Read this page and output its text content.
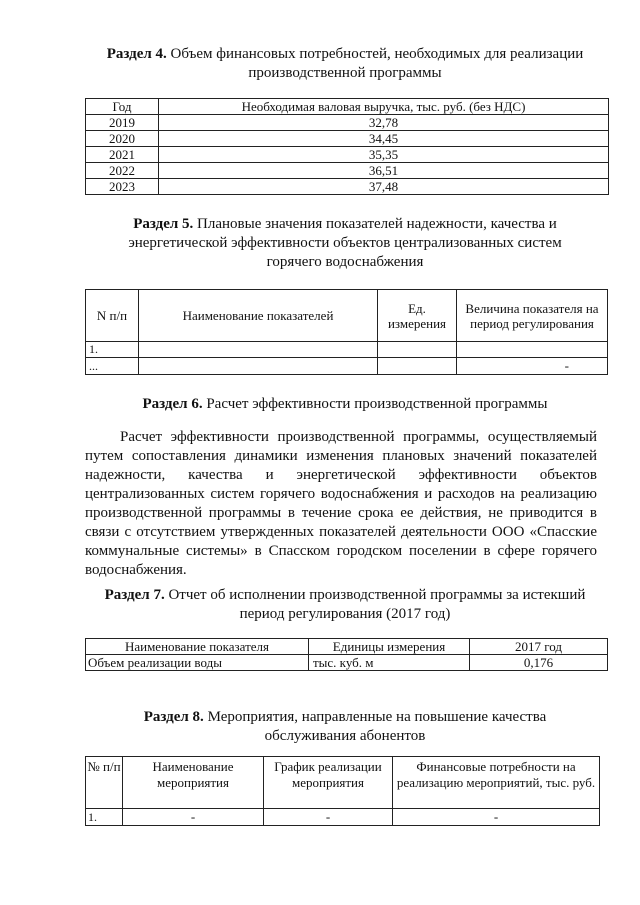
Раздел 4. Объем финансовых потребностей, необходимых для реализации
производственной программы
Год	Необходимая валовая выручка, тыс. руб. (без НДС)
2019	32,78
2020	34,45
2021	35,35
2022	36,51
2023	37,48
Раздел 5. Плановые значения показателей надежности, качества и
энергетической эффективности объектов централизованных систем
горячего водоснабжения
N п/п	Наименование показателей	Ед. измерения	Величина показателя на период регулирования
1.			
...			-
Раздел 6. Расчет эффективности производственной программы
Расчет эффективности производственной программы, осуществляемый путем сопоставления динамики изменения плановых значений показателей надежности, качества и энергетической эффективности объектов централизованных систем горячего водоснабжения и расходов на реализацию производственной программы в течение срока ее действия, не приводится в связи с отсутствием утвержденных показателей деятельности ООО «Спасские коммунальные системы» в Спасском городском поселении в сфере горячего водоснабжения.
Раздел 7. Отчет об исполнении производственной программы за истекший
период регулирования (2017 год)
Наименование показателя	Единицы измерения	2017 год
Объем реализации воды	тыс. куб. м	0,176
Раздел 8. Мероприятия, направленные на повышение качества
обслуживания абонентов
№ п/п	Наименование мероприятия	График реализации мероприятия	Финансовые потребности на реализацию мероприятий, тыс. руб.
1.	-	-	-
